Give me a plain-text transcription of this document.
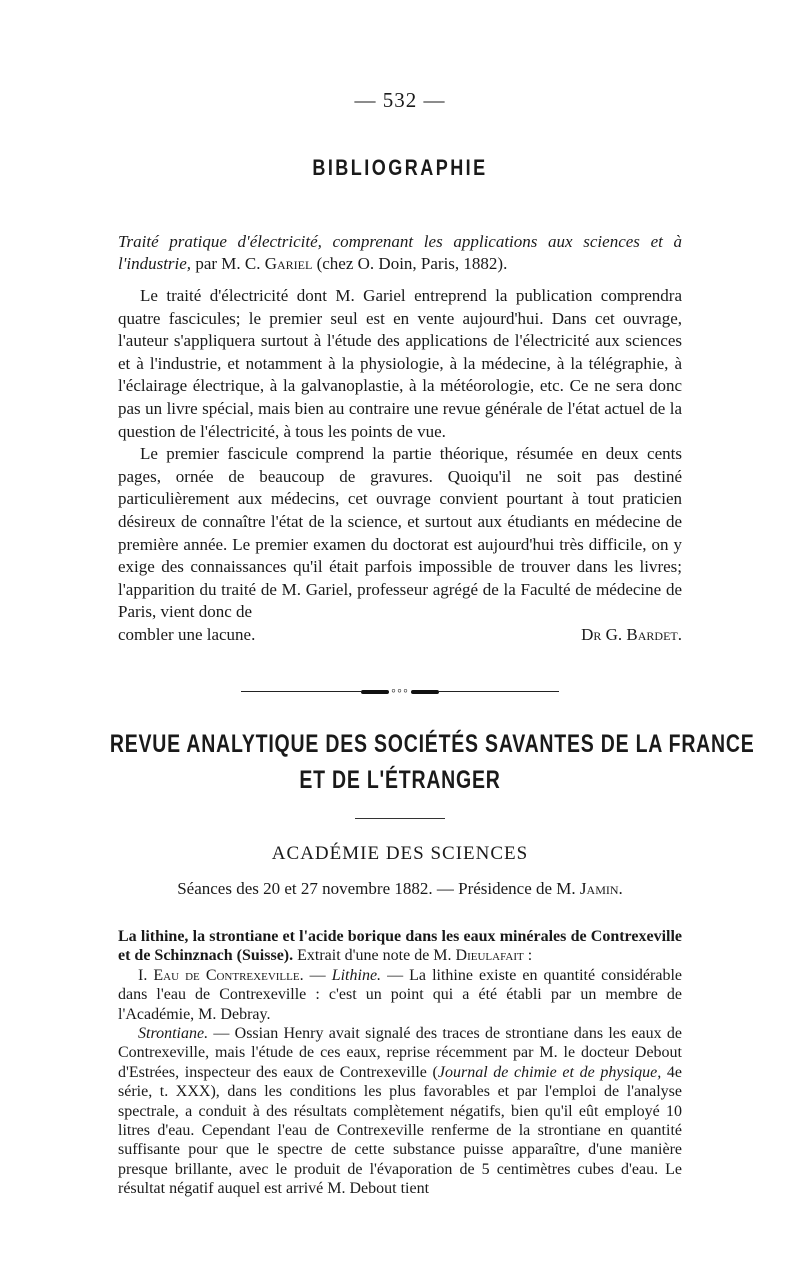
— 532 —
BIBLIOGRAPHIE
Traité pratique d'électricité, comprenant les applications aux sciences et à l'industrie, par M. C. Gariel (chez O. Doin, Paris, 1882).

Le traité d'électricité dont M. Gariel entreprend la publication comprendra quatre fascicules; le premier seul est en vente aujourd'hui. Dans cet ouvrage, l'auteur s'appliquera surtout à l'étude des applications de l'électricité aux sciences et à l'industrie, et notamment à la physiologie, à la médecine, à la télégraphie, à l'éclairage électrique, à la galvanoplastie, à la météorologie, etc. Ce ne sera donc pas un livre spécial, mais bien au contraire une revue générale de l'état actuel de la question de l'électricité, à tous les points de vue.

Le premier fascicule comprend la partie théorique, résumée en deux cents pages, ornée de beaucoup de gravures. Quoiqu'il ne soit pas destiné particulièrement aux médecins, cet ouvrage convient pourtant à tout praticien désireux de connaître l'état de la science, et surtout aux étudiants en médecine de première année. Le premier examen du doctorat est aujourd'hui très difficile, on y exige des connaissances qu'il était parfois impossible de trouver dans les livres; l'apparition du traité de M. Gariel, professeur agrégé de la Faculté de médecine de Paris, vient donc de

combler une lacune.	Dr G. Bardet.
◦◦◦
REVUE ANALYTIQUE DES SOCIÉTÉS SAVANTES DE LA FRANCE
ET DE L'ÉTRANGER
ACADÉMIE DES SCIENCES
Séances des 20 et 27 novembre 1882. — Présidence de M. Jamin.

La lithine, la strontiane et l'acide borique dans les eaux minérales de Contrexeville et de Schinznach (Suisse). Extrait d'une note de M. Dieulafait :

I. Eau de Contrexeville. — Lithine. — La lithine existe en quantité considérable dans l'eau de Contrexeville : c'est un point qui a été établi par un membre de l'Académie, M. Debray.

Strontiane. — Ossian Henry avait signalé des traces de strontiane dans les eaux de Contrexeville, mais l'étude de ces eaux, reprise récemment par M. le docteur Debout d'Estrées, inspecteur des eaux de Contrexeville (Journal de chimie et de physique, 4e série, t. XXX), dans les conditions les plus favorables et par l'emploi de l'analyse spectrale, a conduit à des résultats complètement négatifs, bien qu'il eût employé 10 litres d'eau. Cependant l'eau de Contrexeville renferme de la strontiane en quantité suffisante pour que le spectre de cette substance puisse apparaître, d'une manière presque brillante, avec le produit de l'évaporation de 5 centimètres cubes d'eau. Le résultat négatif auquel est arrivé M. Debout tient
